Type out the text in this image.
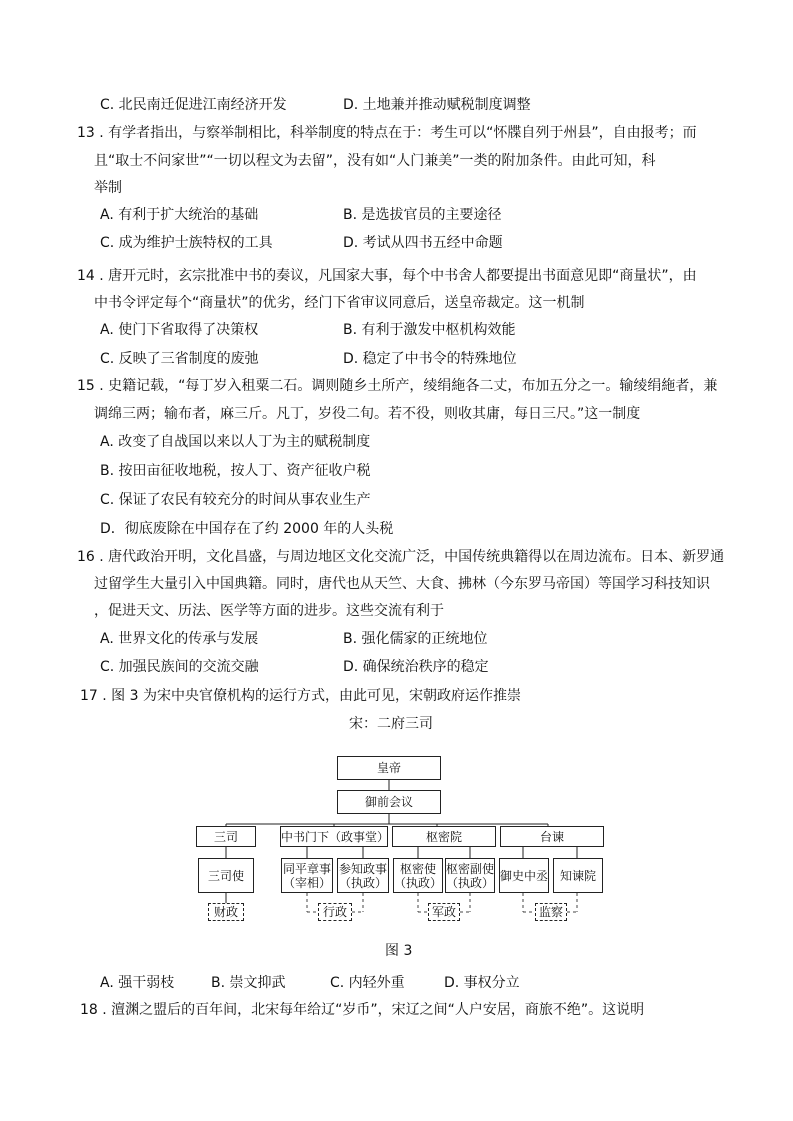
C. 北民南迁促进江南经济开发	D. 土地兼并推动赋税制度调整
13 . 有学者指出，与察举制相比，科举制度的特点在于：考生可以“怀牒自列于州县”，自由报考；而
且“取士不问家世”“一切以程文为去留”，没有如“人门兼美”一类的附加条件。由此可知，科
举制
A. 有利于扩大统治的基础	B. 是选拔官员的主要途径
C. 成为维护士族特权的工具	D. 考试从四书五经中命题
14 . 唐开元时，玄宗批准中书的奏议，凡国家大事，每个中书舍人都要提出书面意见即“商量状”，由
中书令评定每个“商量状”的优劣，经门下省审议同意后，送皇帝裁定。这一机制
A. 使门下省取得了决策权	B. 有利于激发中枢机构效能
C. 反映了三省制度的废弛	D. 稳定了中书令的特殊地位
15 . 史籍记载，“每丁岁入租粟二石。调则随乡土所产，绫绢絁各二丈，布加五分之一。输绫绢絁者，兼
调绵三两；输布者，麻三斤。凡丁，岁役二旬。若不役，则收其庸，每日三尺。”这一制度
A. 改变了自战国以来以人丁为主的赋税制度
B. 按田亩征收地税，按人丁、资产征收户税
C. 保证了农民有较充分的时间从事农业生产
D．彻底废除在中国存在了约 2000 年的人头税
16 . 唐代政治开明，文化昌盛，与周边地区文化交流广泛，中国传统典籍得以在周边流布。日本、新罗通
过留学生大量引入中国典籍。同时，唐代也从天竺、大食、拂林（今东罗马帝国）等国学习科技知识
，促进天文、历法、医学等方面的进步。这些交流有利于
A. 世界文化的传承与发展	B. 强化儒家的正统地位
C. 加强民族间的交流交融	D. 确保统治秩序的稳定
17 . 图 3 为宋中央官僚机构的运行方式，由此可见，宋朝政府运作推崇
宋：二府三司
皇帝
御前会议
三司	中书门下（政事堂）	枢密院	台谏
三司使	同平章事（宰相）
参知政事（执政）
枢密使（执政）
枢密副使（执政） 御史中丞 知谏院
财政	行政	军政	监察
图 3
A. 强干弱枝	B. 崇文抑武	C. 内轻外重	D. 事权分立
18 . 澶渊之盟后的百年间，北宋每年给辽“岁币”，宋辽之间“人户安居，商旅不绝”。这说明
